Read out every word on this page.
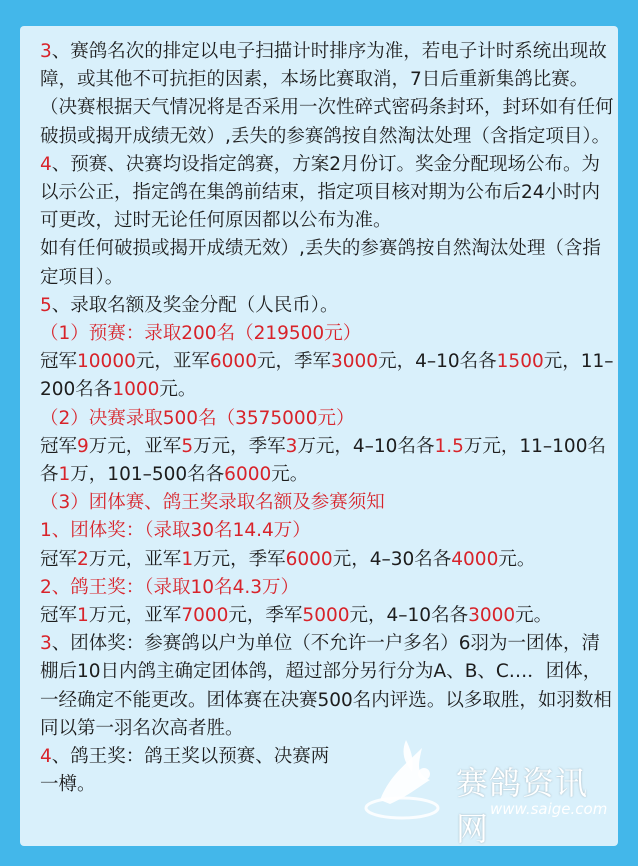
3、赛鸽名次的排定以电子扫描计时排序为准，若电子计时系统出现故障，或其他不可抗拒的因素，本场比赛取消，7日后重新集鸽比赛。（决赛根据天气情况将是否采用一次性碎式密码条封环，封环如有任何破损或揭开成绩无效）,丢失的参赛鸽按自然淘汰处理（含指定项目）。

4、预赛、决赛均设指定鸽赛，方案2月份订。奖金分配现场公布。为以示公正，指定鸽在集鸽前结束，指定项目核对期为公布后24小时内可更改，过时无论任何原因都以公布为准。

如有任何破损或揭开成绩无效）,丢失的参赛鸽按自然淘汰处理（含指定项目）。

5、录取名额及奖金分配（人民币）。

（1）预赛：录取200名（219500元）

冠军10000元，亚军6000元，季军3000元，4–10名各1500元，11–200名各1000元。

（2）决赛录取500名（3575000元）

冠军9万元，亚军5万元，季军3万元，4–10名各1.5万元，11–100名各1万，101–500名各6000元。

（3）团体赛、鸽王奖录取名额及参赛须知

1、团体奖：（录取30名14.4万）

冠军2万元，亚军1万元，季军6000元，4–30名各4000元。

2、鸽王奖：（录取10名4.3万）

冠军1万元，亚军7000元，季军5000元，4–10名各3000元。

3、团体奖：参赛鸽以户为单位（不允许一户多名）6羽为一团体，清棚后10日内鸽主确定团体鸽，超过部分另行分为A、B、C…．团体，一经确定不能更改。团体赛在决赛500名内评选。以多取胜，如羽数相同以第一羽名次高者胜。

4、鸽王奖：鸽王奖以预赛、决赛两

一樽。	赛鸽资讯网
www.saige.com
